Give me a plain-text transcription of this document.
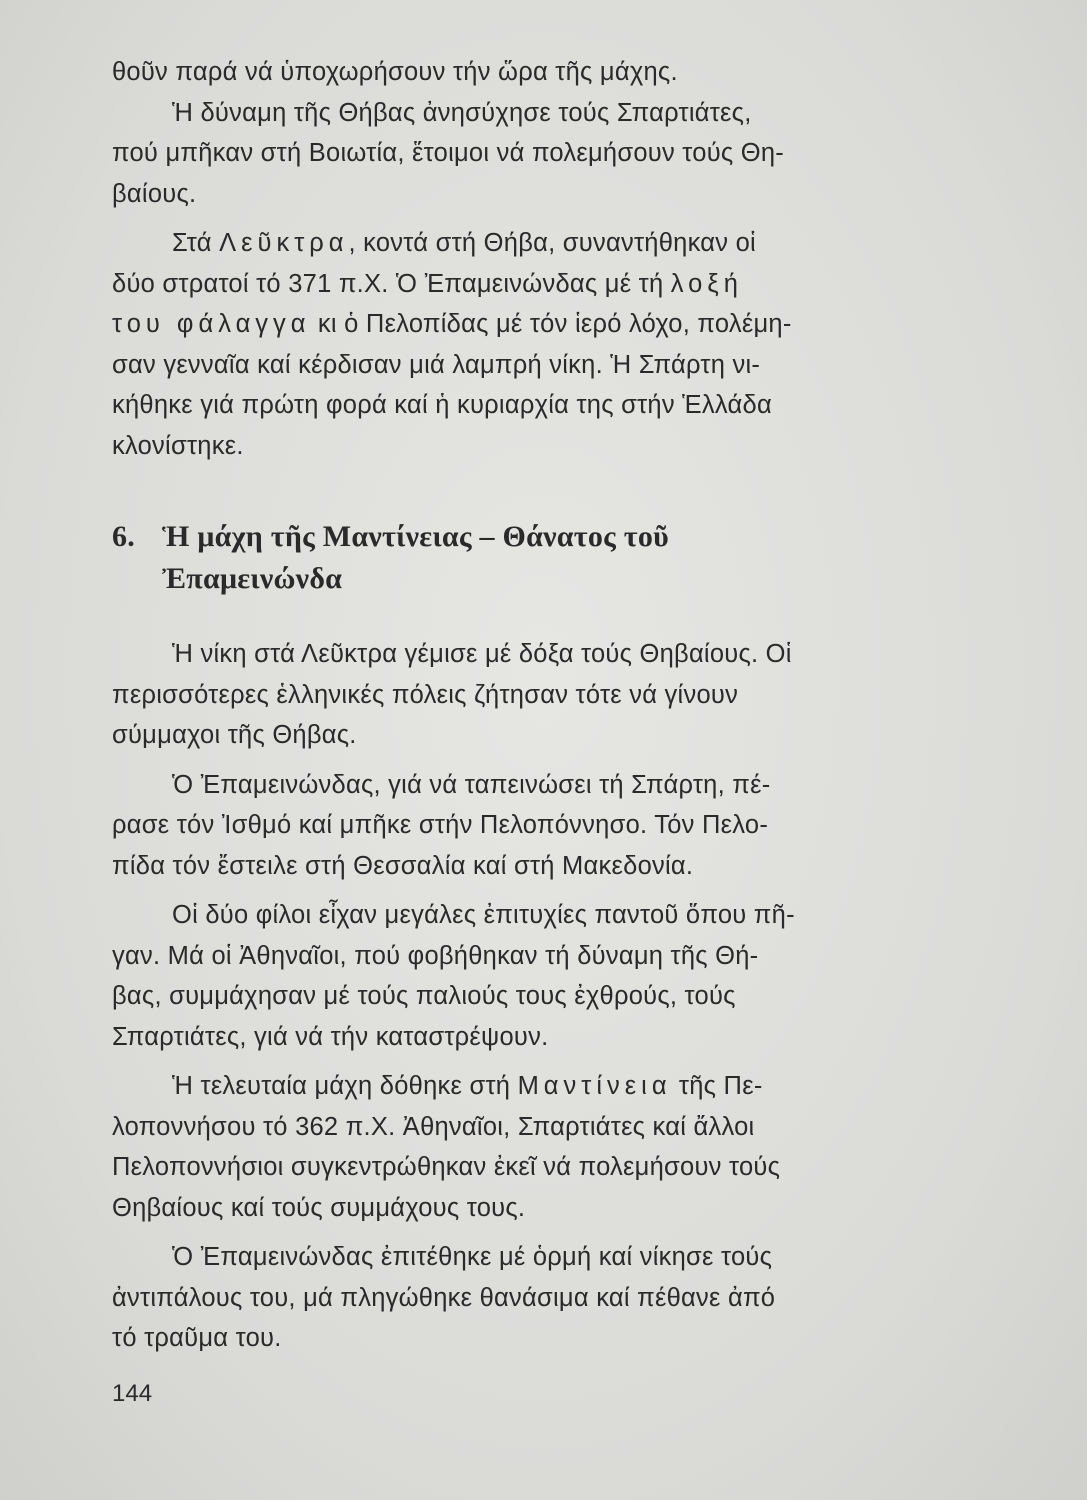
θοῦν παρά νά ὑποχωρήσουν τήν ὥρα τῆς μάχης.

Ἡ δύναμη τῆς Θήβας ἀνησύχησε τούς Σπαρτιάτες,

πού μπῆκαν στή Βοιωτία, ἕτοιμοι νά πολεμήσουν τούς Θη-

βαίους.

Στά Λεῦκτρα, κοντά στή Θήβα, συναντήθηκαν οἱ

δύο στρατοί τό 371 π.Χ. Ὁ Ἐπαμεινώνδας μέ τή λοξή

του φάλαγγα κι ὁ Πελοπίδας μέ τόν ἱερό λόχο, πολέμη-

σαν γενναῖα καί κέρδισαν μιά λαμπρή νίκη. Ἡ Σπάρτη νι-

κήθηκε γιά πρώτη φορά καί ἡ κυριαρχία της στήν Ἑλλάδα

κλονίστηκε.

6. Ἡ μάχη τῆς Μαντίνειας – Θάνατος τοῦ
Ἐπαμεινώνδα

Ἡ νίκη στά Λεῦκτρα γέμισε μέ δόξα τούς Θηβαίους. Οἱ

περισσότερες ἑλληνικές πόλεις ζήτησαν τότε νά γίνουν

σύμμαχοι τῆς Θήβας.

Ὁ Ἐπαμεινώνδας, γιά νά ταπεινώσει τή Σπάρτη, πέ-

ρασε τόν Ἰσθμό καί μπῆκε στήν Πελοπόννησο. Τόν Πελο-

πίδα τόν ἔστειλε στή Θεσσαλία καί στή Μακεδονία.

Οἱ δύο φίλοι εἶχαν μεγάλες ἐπιτυχίες παντοῦ ὅπου πῆ-

γαν. Μά οἱ Ἀθηναῖοι, πού φοβήθηκαν τή δύναμη τῆς Θή-

βας, συμμάχησαν μέ τούς παλιούς τους ἐχθρούς, τούς

Σπαρτιάτες, γιά νά τήν καταστρέψουν.

Ἡ τελευταία μάχη δόθηκε στή Μαντίνεια τῆς Πε-

λοποννήσου τό 362 π.Χ. Ἀθηναῖοι, Σπαρτιάτες καί ἄλλοι

Πελοποννήσιοι συγκεντρώθηκαν ἐκεῖ νά πολεμήσουν τούς

Θηβαίους καί τούς συμμάχους τους.

Ὁ Ἐπαμεινώνδας ἐπιτέθηκε μέ ὁρμή καί νίκησε τούς

ἀντιπάλους του, μά πληγώθηκε θανάσιμα καί πέθανε ἀπό

τό τραῦμα του.

144
